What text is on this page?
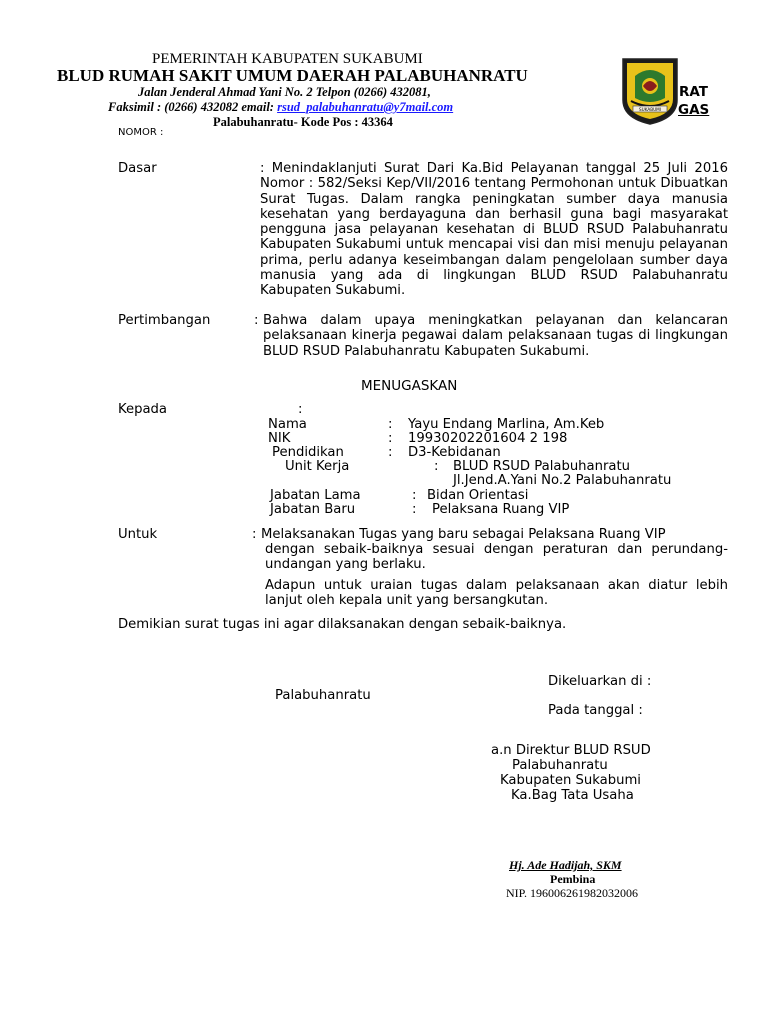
PEMERINTAH KABUPATEN SUKABUMI
BLUD RUMAH SAKIT UMUM DAERAH PALABUHANRATU
Jalan Jenderal Ahmad Yani No. 2 Telpon (0266) 432081,
Faksimil : (0266) 432082 email: rsud_palabuhanratu@y7mail.com
Palabuhanratu- Kode Pos : 43364
SUKABUMI
RAT
GAS
NOMOR :
Dasar	: Menindaklanjuti Surat Dari Ka.Bid Pelayanan tanggal 25 Juli 2016 Nomor : 582/Seksi Kep/VII/2016 tentang Permohonan untuk Dibuatkan Surat Tugas. Dalam rangka peningkatan sumber daya manusia kesehatan yang berdayaguna dan berhasil guna bagi masyarakat pengguna jasa pelayanan kesehatan di BLUD RSUD Palabuhanratu Kabupaten Sukabumi untuk mencapai visi dan misi menuju pelayanan prima, perlu adanya keseimbangan dalam pengelolaan sumber daya manusia yang ada di lingkungan BLUD RSUD Palabuhanratu Kabupaten Sukabumi.
Pertimbangan	: Bahwa dalam upaya meningkatkan pelayanan dan kelancaran pelaksanaan kinerja pegawai dalam pelaksanaan tugas di lingkungan BLUD RSUD Palabuhanratu Kabupaten Sukabumi.
MENUGASKAN
Kepada	:
Nama	: Yayu Endang Marlina, Am.Keb
NIK	: 19930202201604 2 198
Pendidikan	: D3-Kebidanan
Unit Kerja	: BLUD RSUD Palabuhanratu
Jl.Jend.A.Yani No.2 Palabuhanratu
Jabatan Lama	: Bidan Orientasi
Jabatan Baru	: Pelaksana Ruang VIP
Untuk	: Melaksanakan Tugas yang baru sebagai Pelaksana Ruang VIP
dengan sebaik-baiknya sesuai dengan peraturan dan perundang-undangan yang berlaku.
Adapun untuk uraian tugas dalam pelaksanaan akan diatur lebih lanjut oleh kepala unit yang bersangkutan.
Demikian surat tugas ini agar dilaksanakan dengan sebaik-baiknya.
Dikeluarkan di :
Palabuhanratu
Pada tanggal :
a.n Direktur BLUD RSUD
Palabuhanratu
Kabupaten Sukabumi
Ka.Bag Tata Usaha
Hj. Ade Hadijah, SKM
Pembina
NIP. 196006261982032006
